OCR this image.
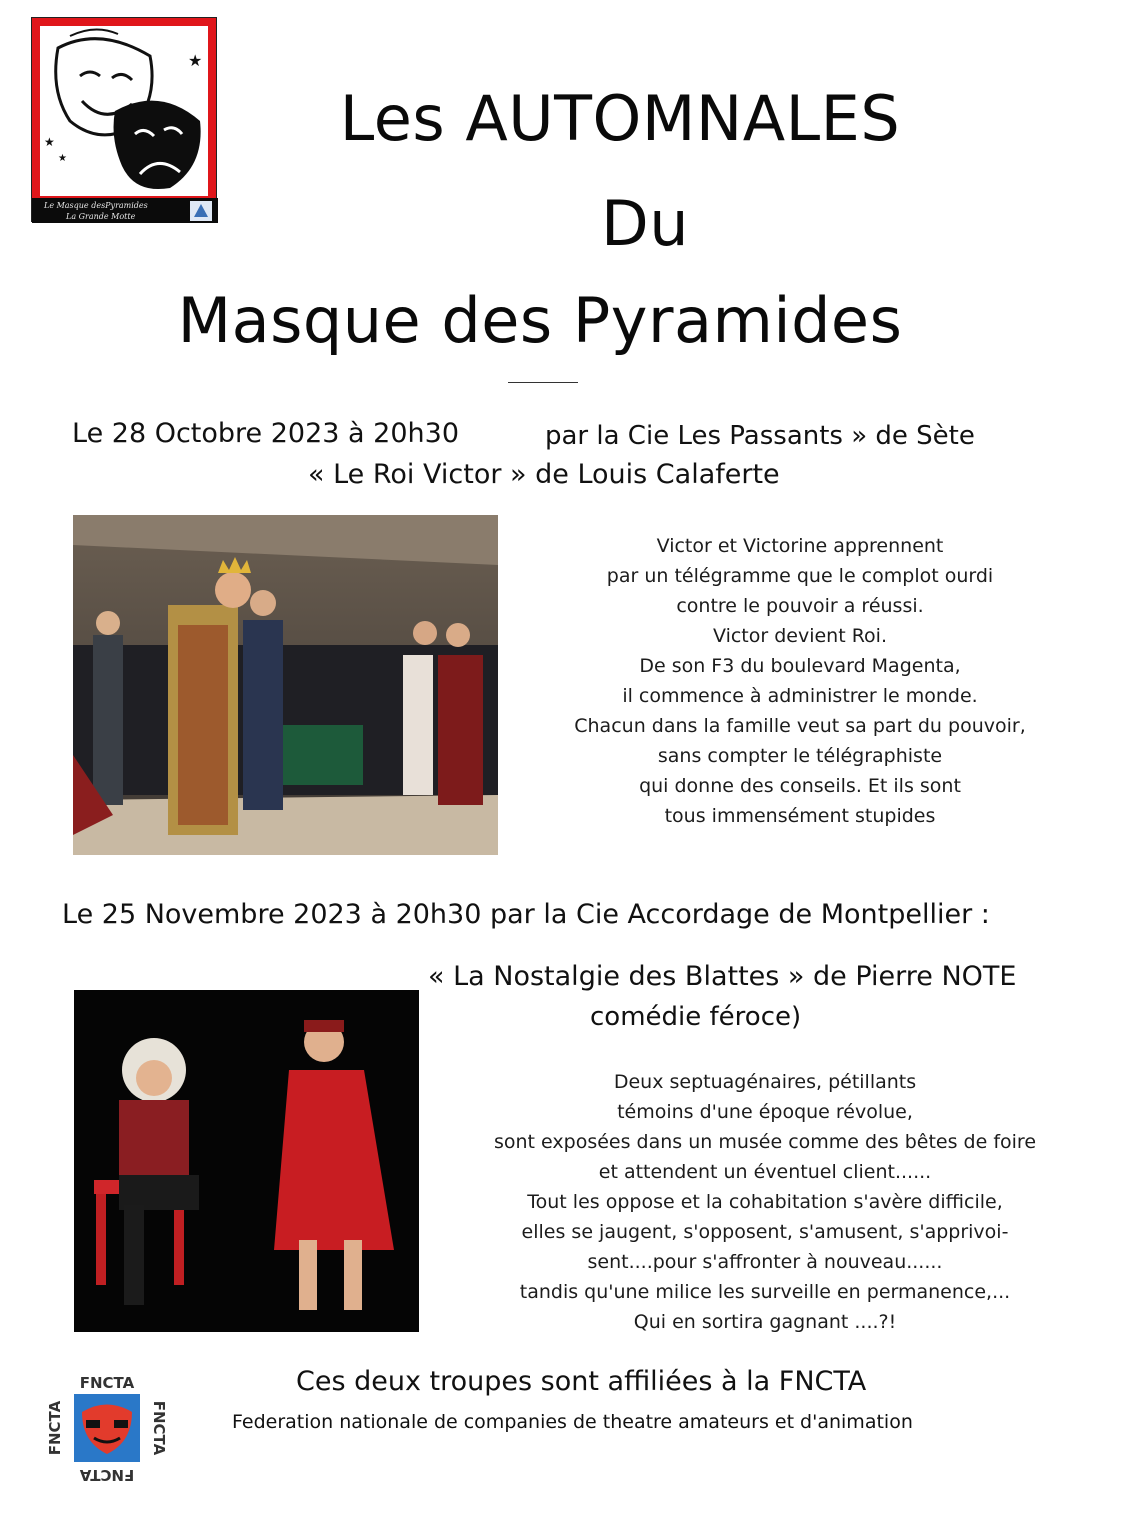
★
★
★
Le Masque desPyramides
La Grande Motte
Les AUTOMNALES
Du
Masque des Pyramides
Le 28 Octobre 2023 à 20h30	par la Cie Les Passants » de Sète
« Le Roi Victor » de Louis Calaferte
Victor et Victorine apprennent
par un télégramme que le complot ourdi
contre le pouvoir a réussi.
Victor devient Roi.
De son F3 du boulevard Magenta,
il commence à administrer le monde.
Chacun dans la famille veut sa part du pouvoir,
sans compter le télégraphiste
qui donne des conseils. Et ils sont
tous immensément stupides
Le 25 Novembre 2023 à 20h30 par la Cie Accordage de Montpellier :
« La Nostalgie des Blattes » de Pierre NOTE
comédie féroce)
Deux septuagénaires, pétillants
témoins d'une époque révolue,
sont exposées dans un musée comme des bêtes de foire
et attendent un éventuel client......
Tout les oppose et la cohabitation s'avère difficile,
elles se jaugent, s'opposent, s'amusent, s'apprivoi-
sent....pour s'affronter à nouveau......
tandis qu'une milice les surveille en permanence,...
Qui en sortira gagnant ....?!
FNCTA
FNCTA
FNCTA	FNCTA
Ces deux troupes sont affiliées à la FNCTA
Federation nationale de companies de theatre amateurs et d'animation
